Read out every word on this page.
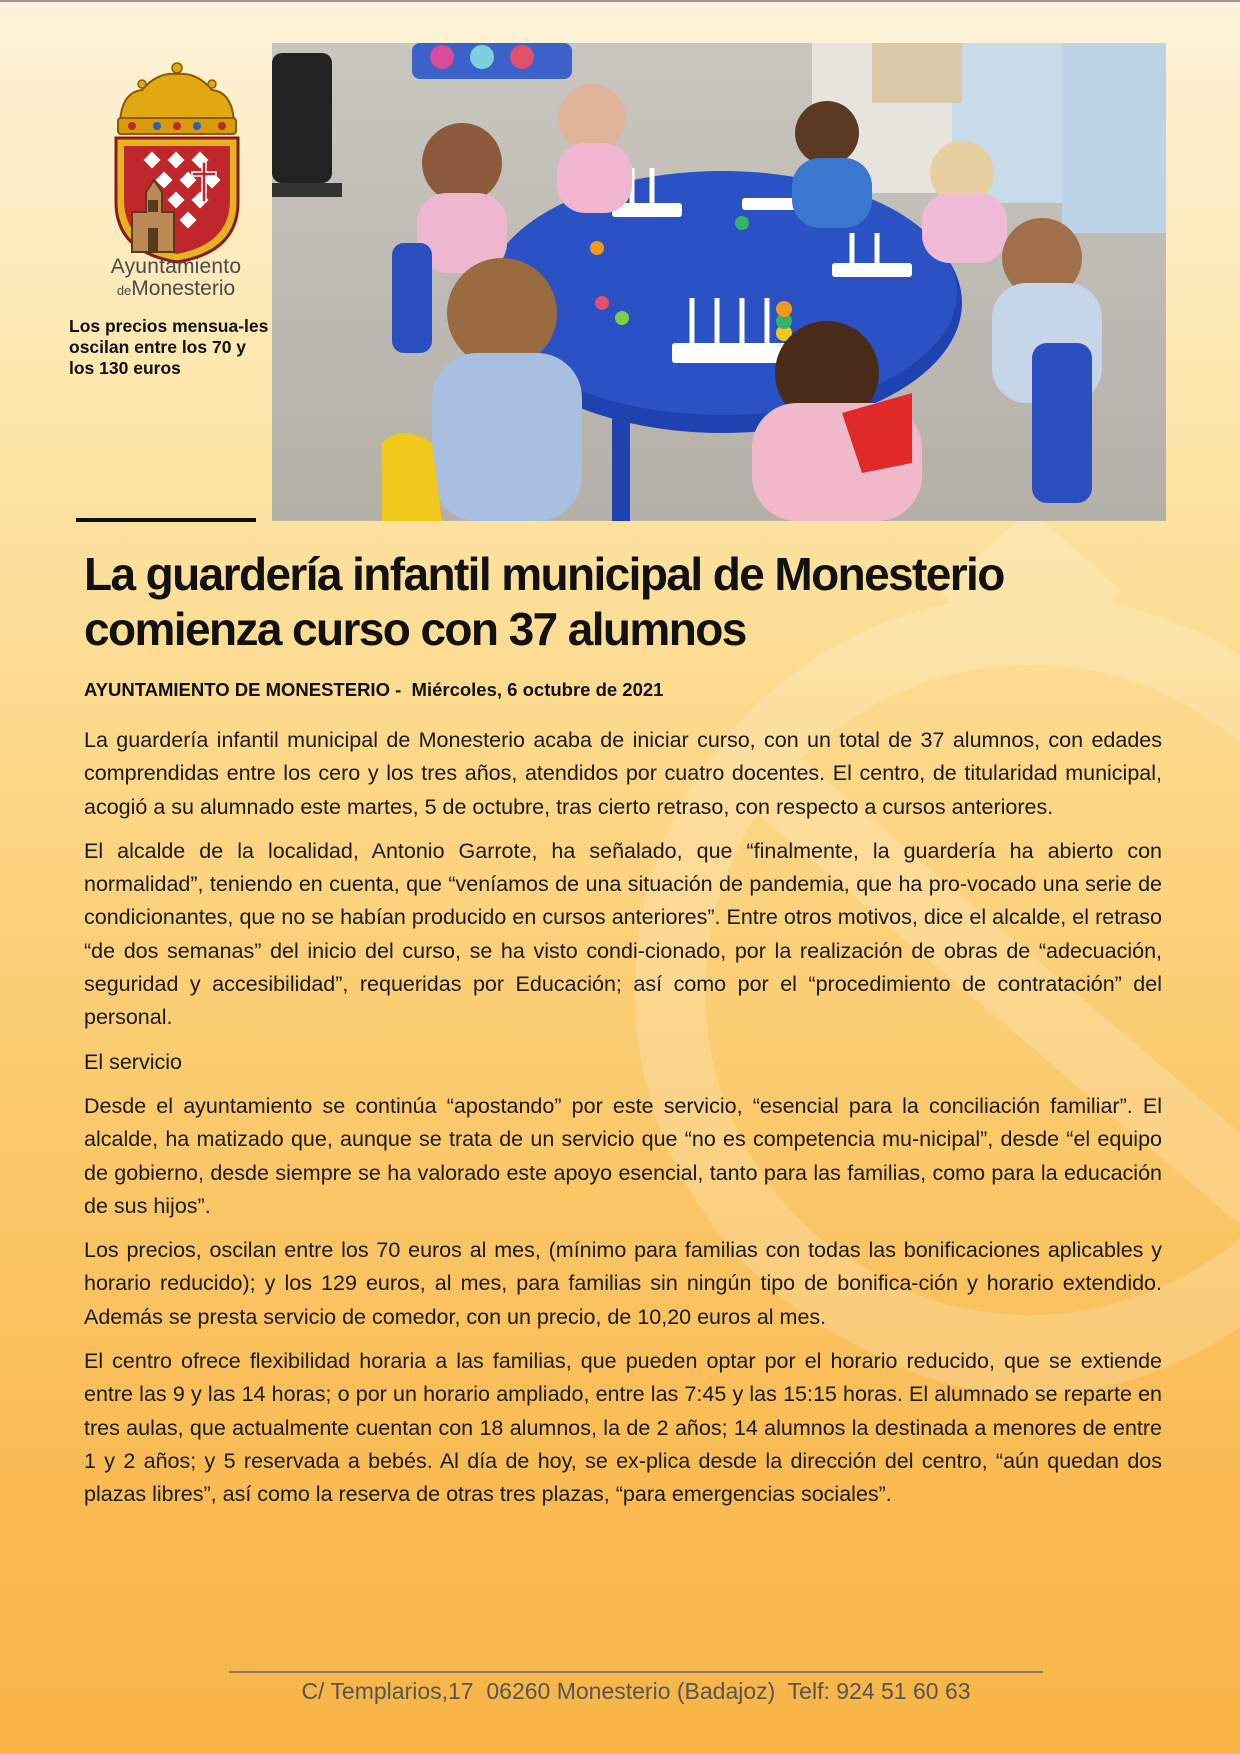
Ayuntamiento
deMonesterio
Los precios mensua-les oscilan entre los 70 y los 130 euros
La guardería infantil municipal de Monesterio comienza curso con 37 alumnos
AYUNTAMIENTO DE MONESTERIO -  Miércoles, 6 octubre de 2021

La guardería infantil municipal de Monesterio acaba de iniciar curso, con un total de 37 alumnos, con edades comprendidas entre los cero y los tres años, atendidos por cuatro docentes. El centro, de titularidad municipal, acogió a su alumnado este martes, 5 de octubre, tras cierto retraso, con respecto a cursos anteriores.

El alcalde de la localidad, Antonio Garrote, ha señalado, que “finalmente, la guardería ha abierto con normalidad”, teniendo en cuenta, que “veníamos de una situación de pandemia, que ha pro-vocado una serie de condicionantes, que no se habían producido en cursos anteriores”. Entre otros motivos, dice el alcalde, el retraso “de dos semanas” del inicio del curso, se ha visto condi-cionado, por la realización de obras de “adecuación, seguridad y accesibilidad”, requeridas por Educación; así como por el “procedimiento de contratación” del personal.

El servicio

Desde el ayuntamiento se continúa “apostando” por este servicio, “esencial para la conciliación familiar”. El alcalde, ha matizado que, aunque se trata de un servicio que “no es competencia mu-nicipal”, desde “el equipo de gobierno, desde siempre se ha valorado este apoyo esencial, tanto para las familias, como para la educación de sus hijos”.

Los precios, oscilan entre los 70 euros al mes, (mínimo para familias con todas las bonificaciones aplicables y horario reducido); y los 129 euros, al mes, para familias sin ningún tipo de bonifica-ción y horario extendido. Además se presta servicio de comedor, con un precio, de 10,20 euros al mes.

El centro ofrece flexibilidad horaria a las familias, que pueden optar por el horario reducido, que se extiende entre las 9 y las 14 horas; o por un horario ampliado, entre las 7:45 y las 15:15 horas. El alumnado se reparte en tres aulas, que actualmente cuentan con 18 alumnos, la de 2 años; 14 alumnos la destinada a menores de entre 1 y 2 años; y 5 reservada a bebés. Al día de hoy, se ex-plica desde la dirección del centro, “aún quedan dos plazas libres”, así como la reserva de otras tres plazas, “para emergencias sociales”.

C/ Templarios,17  06260 Monesterio (Badajoz)  Telf: 924 51 60 63
